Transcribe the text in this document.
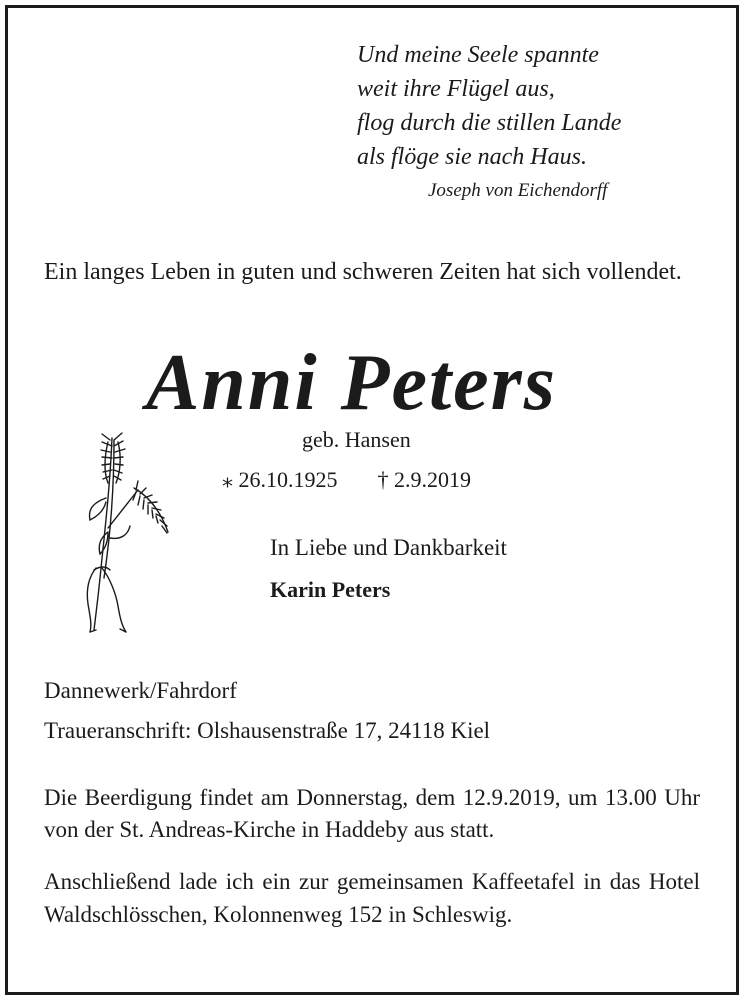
Und meine Seele spannte
weit ihre Flügel aus,
flog durch die stillen Lande
als flöge sie nach Haus.
Joseph von Eichendorff
Ein langes Leben in guten und schweren Zeiten hat sich vollendet.
Anni Peters
geb. Hansen
⁎ 26.10.1925 † 2.9.2019
In Liebe und Dankbarkeit
Karin Peters
Dannewerk/Fahrdorf
Traueranschrift: Olshausenstraße 17, 24118 Kiel
Die Beerdigung findet am Donnerstag, dem 12.9.2019, um 13.00 Uhr von der St. Andreas-Kirche in Haddeby aus statt.
Anschließend lade ich ein zur gemeinsamen Kaffeetafel in das Hotel Waldschlösschen, Kolonnenweg 152 in Schleswig.
